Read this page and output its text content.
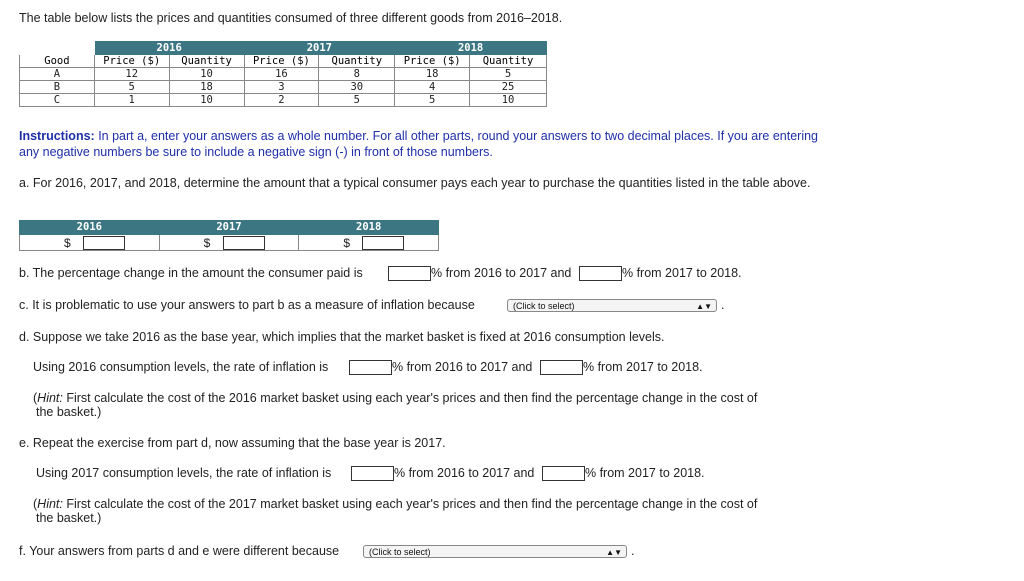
The table below lists the prices and quantities consumed of three different goods from 2016–2018.
	2016		2017		2018	
Good	Price ($)	Quantity	Price ($)	Quantity	Price ($)	Quantity
A	12	10	16	8	18	5
B	5	18	3	30	4	25
C	1	10	2	5	5	10
Instructions: In part a, enter your answers as a whole number. For all other parts, round your answers to two decimal places. If you are entering any negative numbers be sure to include a negative sign (-) in front of those numbers.
a. For 2016, 2017, and 2018, determine the amount that a typical consumer pays each year to purchase the quantities listed in the table above.
2016	2017	2018
$	$	$
b. The percentage change in the amount the consumer paid is	% from 2016 to 2017 and	% from 2017 to 2018.
c. It is problematic to use your answers to part b as a measure of inflation because	(Click to select)	▲▼ .
d. Suppose we take 2016 as the base year, which implies that the market basket is fixed at 2016 consumption levels.
Using 2016 consumption levels, the rate of inflation is	% from 2016 to 2017 and	% from 2017 to 2018.
(Hint: First calculate the cost of the 2016 market basket using each year's prices and then find the percentage change in the cost of
the basket.)
e. Repeat the exercise from part d, now assuming that the base year is 2017.
Using 2017 consumption levels, the rate of inflation is	% from 2016 to 2017 and	% from 2017 to 2018.
(Hint: First calculate the cost of the 2017 market basket using each year's prices and then find the percentage change in the cost of
the basket.)
f. Your answers from parts d and e were different because	(Click to select)	▲▼ .
